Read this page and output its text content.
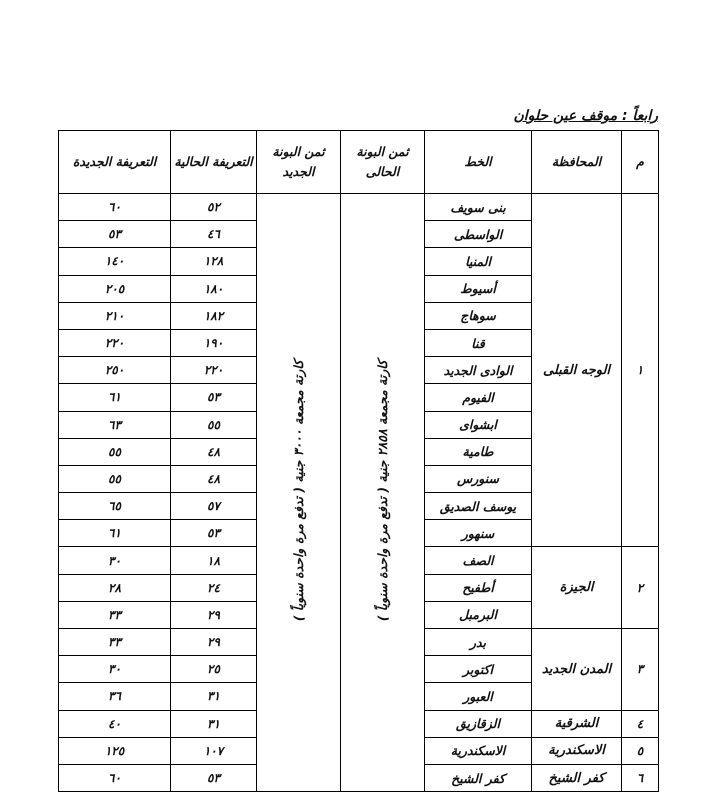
رابعاً : موقف عين حلوان
م	المحافظة	الخط	ثمن البونة الحالى	ثمن البونة الجديد	التعريفة الحالية	التعريفة الجديدة
١	الوجه القبلى	بنى سويف	كارتة مجمعة ٢٨٥٨ جنية ( تدفع مرة واحدة سنوياً )	كارتة مجمعة ٣٠٠٠ جنية ( تدفع مرة واحدة سنوياً )	٥٢	٦٠
		الواسطى			٤٦	٥٣
		المنيا			١٢٨	١٤٠
		أسيوط			١٨٠	٢٠٥
		سوهاج			١٨٢	٢١٠
		قنا			١٩٠	٢٢٠
		الوادى الجديد			٢٢٠	٢٥٠
		الفيوم			٥٣	٦١
		ابشواى			٥٥	٦٣
		طامية			٤٨	٥٥
		سنورس			٤٨	٥٥
		يوسف الصديق			٥٧	٦٥
		سنهور			٥٣	٦١
٢	الجيزة	الصف			١٨	٣٠
		أطفيح			٢٤	٢٨
		البرمبل			٢٩	٣٣
٣	المدن الجديد	بدر			٢٩	٣٣
		اكتوبر			٢٥	٣٠
		العبور			٣١	٣٦
٤	الشرقية	الزقازيق			٣١	٤٠
٥	الاسكندرية	الاسكندرية			١٠٧	١٢٥
٦	كفر الشيخ	كفر الشيخ			٥٣	٦٠
